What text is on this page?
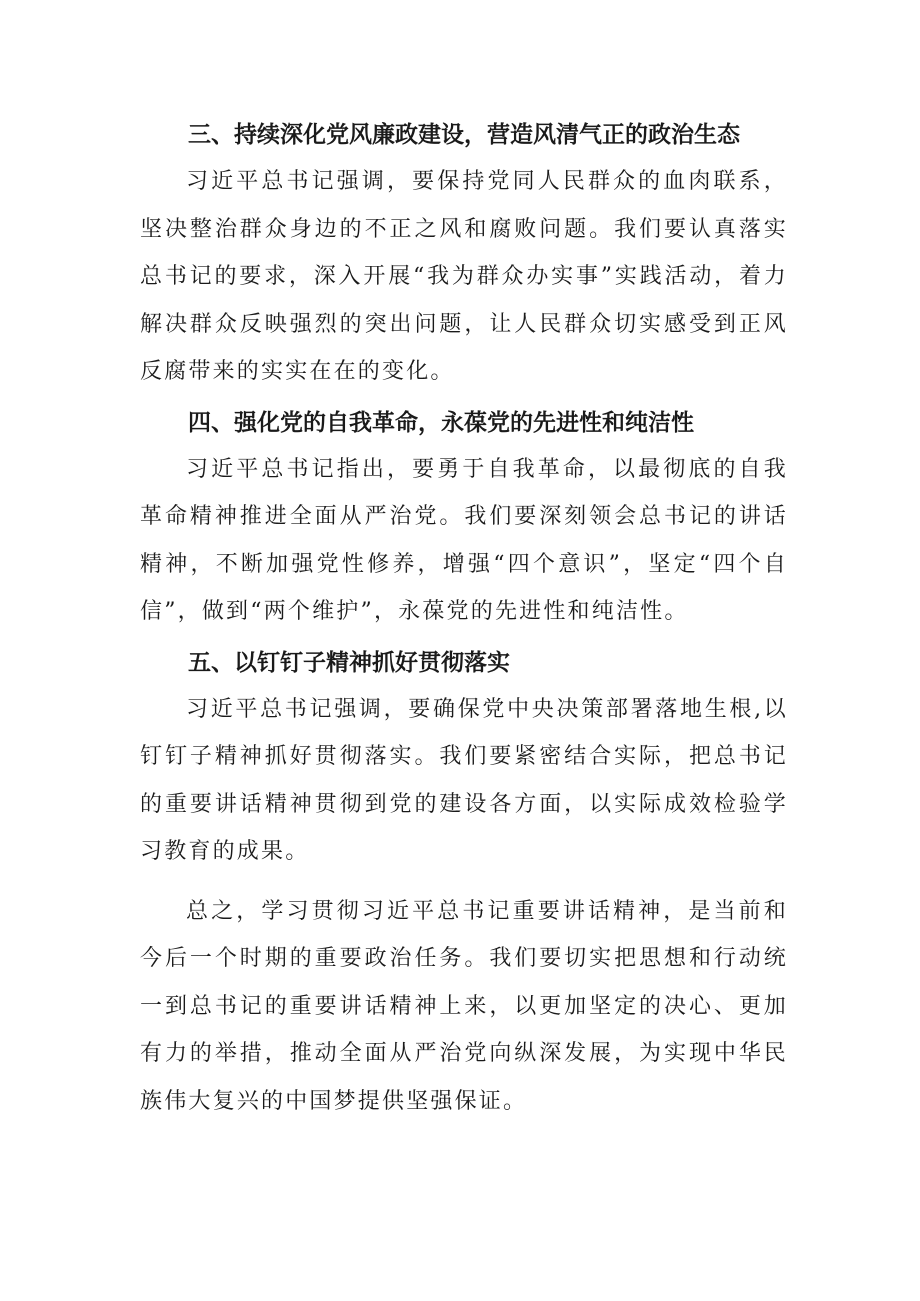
三、持续深化党风廉政建设，营造风清气正的政治生态

习近平总书记强调，要保持党同人民群众的血肉联系，坚决整治群众身边的不正之风和腐败问题。我们要认真落实总书记的要求，深入开展“我为群众办实事”实践活动，着力解决群众反映强烈的突出问题，让人民群众切实感受到正风反腐带来的实实在在的变化。

四、强化党的自我革命，永葆党的先进性和纯洁性

习近平总书记指出，要勇于自我革命，以最彻底的自我革命精神推进全面从严治党。我们要深刻领会总书记的讲话精神，不断加强党性修养，增强“四个意识”，坚定“四个自信”，做到“两个维护”，永葆党的先进性和纯洁性。

五、以钉钉子精神抓好贯彻落实

习近平总书记强调，要确保党中央决策部署落地生根,以钉钉子精神抓好贯彻落实。我们要紧密结合实际，把总书记的重要讲话精神贯彻到党的建设各方面，以实际成效检验学习教育的成果。

总之，学习贯彻习近平总书记重要讲话精神，是当前和今后一个时期的重要政治任务。我们要切实把思想和行动统一到总书记的重要讲话精神上来，以更加坚定的决心、更加有力的举措，推动全面从严治党向纵深发展，为实现中华民族伟大复兴的中国梦提供坚强保证。
